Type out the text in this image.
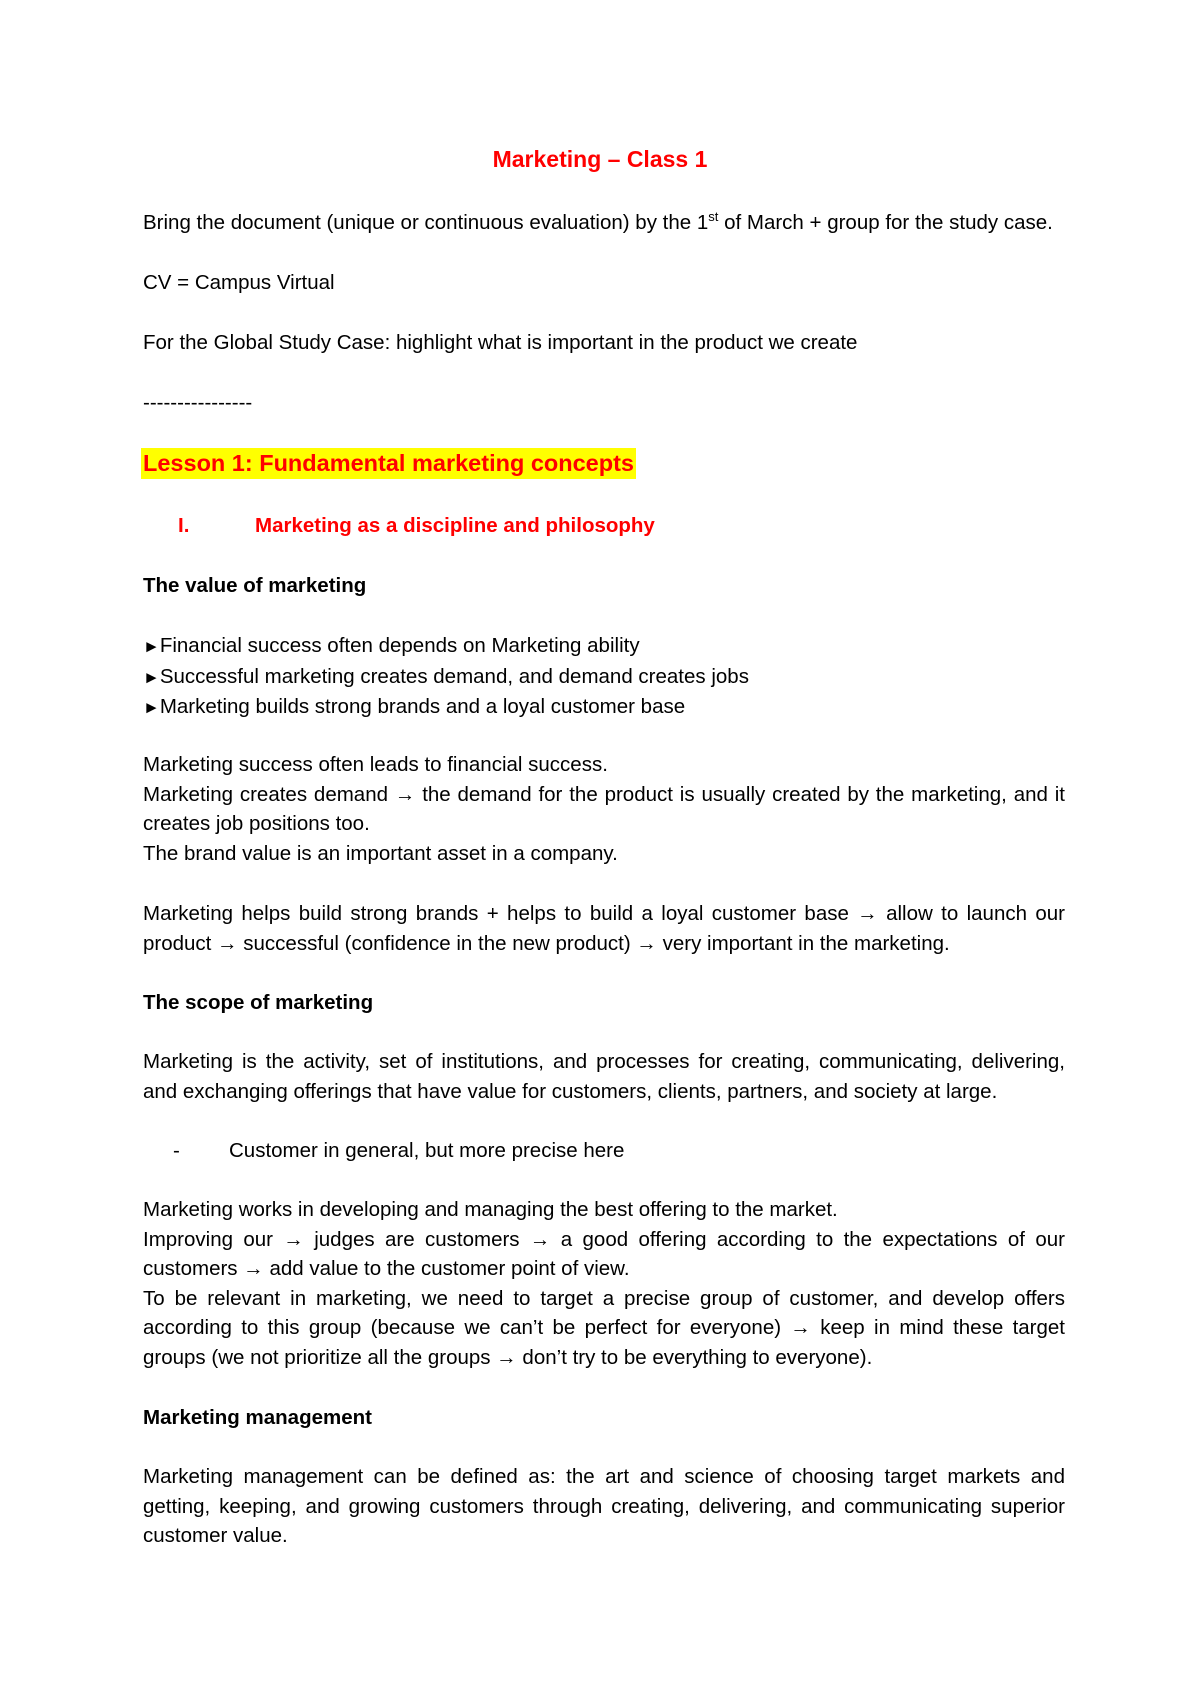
Marketing – Class 1
Bring the document (unique or continuous evaluation) by the 1st of March + group for the study case.
CV = Campus Virtual
For the Global Study Case: highlight what is important in the product we create
----------------
Lesson 1: Fundamental marketing concepts
I.	Marketing as a discipline and philosophy
The value of marketing
►Financial success often depends on Marketing ability
►Successful marketing creates demand, and demand creates jobs
►Marketing builds strong brands and a loyal customer base
Marketing success often leads to financial success.
Marketing creates demand → the demand for the product is usually created by the marketing, and it creates job positions too.
The brand value is an important asset in a company.
Marketing helps build strong brands + helps to build a loyal customer base → allow to launch our product → successful (confidence in the new product) → very important in the marketing.
The scope of marketing
Marketing is the activity, set of institutions, and processes for creating, communicating, delivering, and exchanging offerings that have value for customers, clients, partners, and society at large.
- Customer in general, but more precise here
Marketing works in developing and managing the best offering to the market.
Improving our → judges are customers → a good offering according to the expectations of our customers → add value to the customer point of view.
To be relevant in marketing, we need to target a precise group of customer, and develop offers according to this group (because we can’t be perfect for everyone) → keep in mind these target groups (we not prioritize all the groups → don’t try to be everything to everyone).
Marketing management
Marketing management can be defined as: the art and science of choosing target markets and getting, keeping, and growing customers through creating, delivering, and communicating superior customer value.
